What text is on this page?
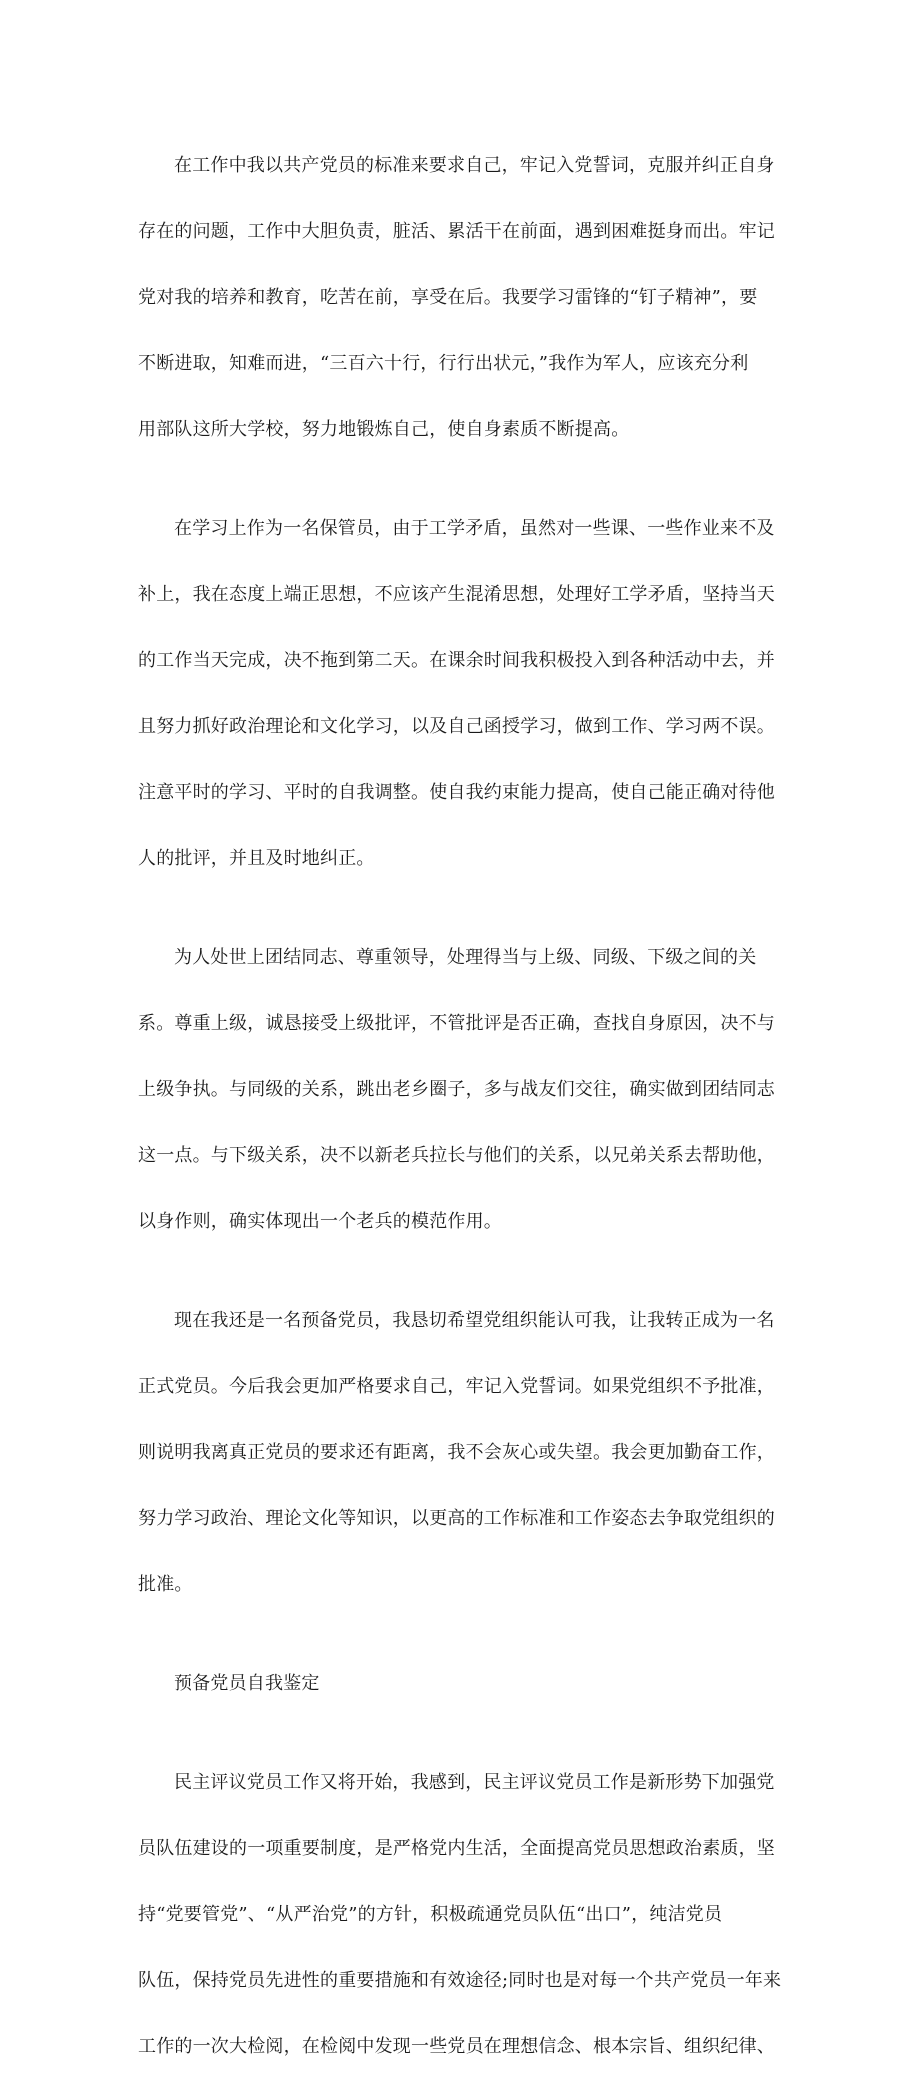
在工作中我以共产党员的标准来要求自己，牢记入党誓词，克服并纠正自身

存在的问题，工作中大胆负责，脏活、累活干在前面，遇到困难挺身而出。牢记

党对我的培养和教育，吃苦在前，享受在后。我要学习雷锋的“钉子精神”，要

不断进取，知难而进，“三百六十行，行行出状元，”我作为军人，应该充分利

用部队这所大学校，努力地锻炼自己，使自身素质不断提高。

在学习上作为一名保管员，由于工学矛盾，虽然对一些课、一些作业来不及

补上，我在态度上端正思想，不应该产生混淆思想，处理好工学矛盾，坚持当天

的工作当天完成，决不拖到第二天。在课余时间我积极投入到各种活动中去，并

且努力抓好政治理论和文化学习，以及自己函授学习，做到工作、学习两不误。

注意平时的学习、平时的自我调整。使自我约束能力提高，使自己能正确对待他

人的批评，并且及时地纠正。

为人处世上团结同志、尊重领导，处理得当与上级、同级、下级之间的关

系。尊重上级，诚恳接受上级批评，不管批评是否正确，查找自身原因，决不与

上级争执。与同级的关系，跳出老乡圈子，多与战友们交往，确实做到团结同志

这一点。与下级关系，决不以新老兵拉长与他们的关系，以兄弟关系去帮助他，

以身作则，确实体现出一个老兵的模范作用。

现在我还是一名预备党员，我恳切希望党组织能认可我，让我转正成为一名

正式党员。今后我会更加严格要求自己，牢记入党誓词。如果党组织不予批准，

则说明我离真正党员的要求还有距离，我不会灰心或失望。我会更加勤奋工作，

努力学习政治、理论文化等知识，以更高的工作标准和工作姿态去争取党组织的

批准。

预备党员自我鉴定

民主评议党员工作又将开始，我感到，民主评议党员工作是新形势下加强党

员队伍建设的一项重要制度，是严格党内生活，全面提高党员思想政治素质，坚

持“党要管党”、“从严治党”的方针，积极疏通党员队伍“出口”，纯洁党员

队伍，保持党员先进性的重要措施和有效途径;同时也是对每一个共产党员一年来

工作的一次大检阅，在检阅中发现一些党员在理想信念、根本宗旨、组织纪律、
